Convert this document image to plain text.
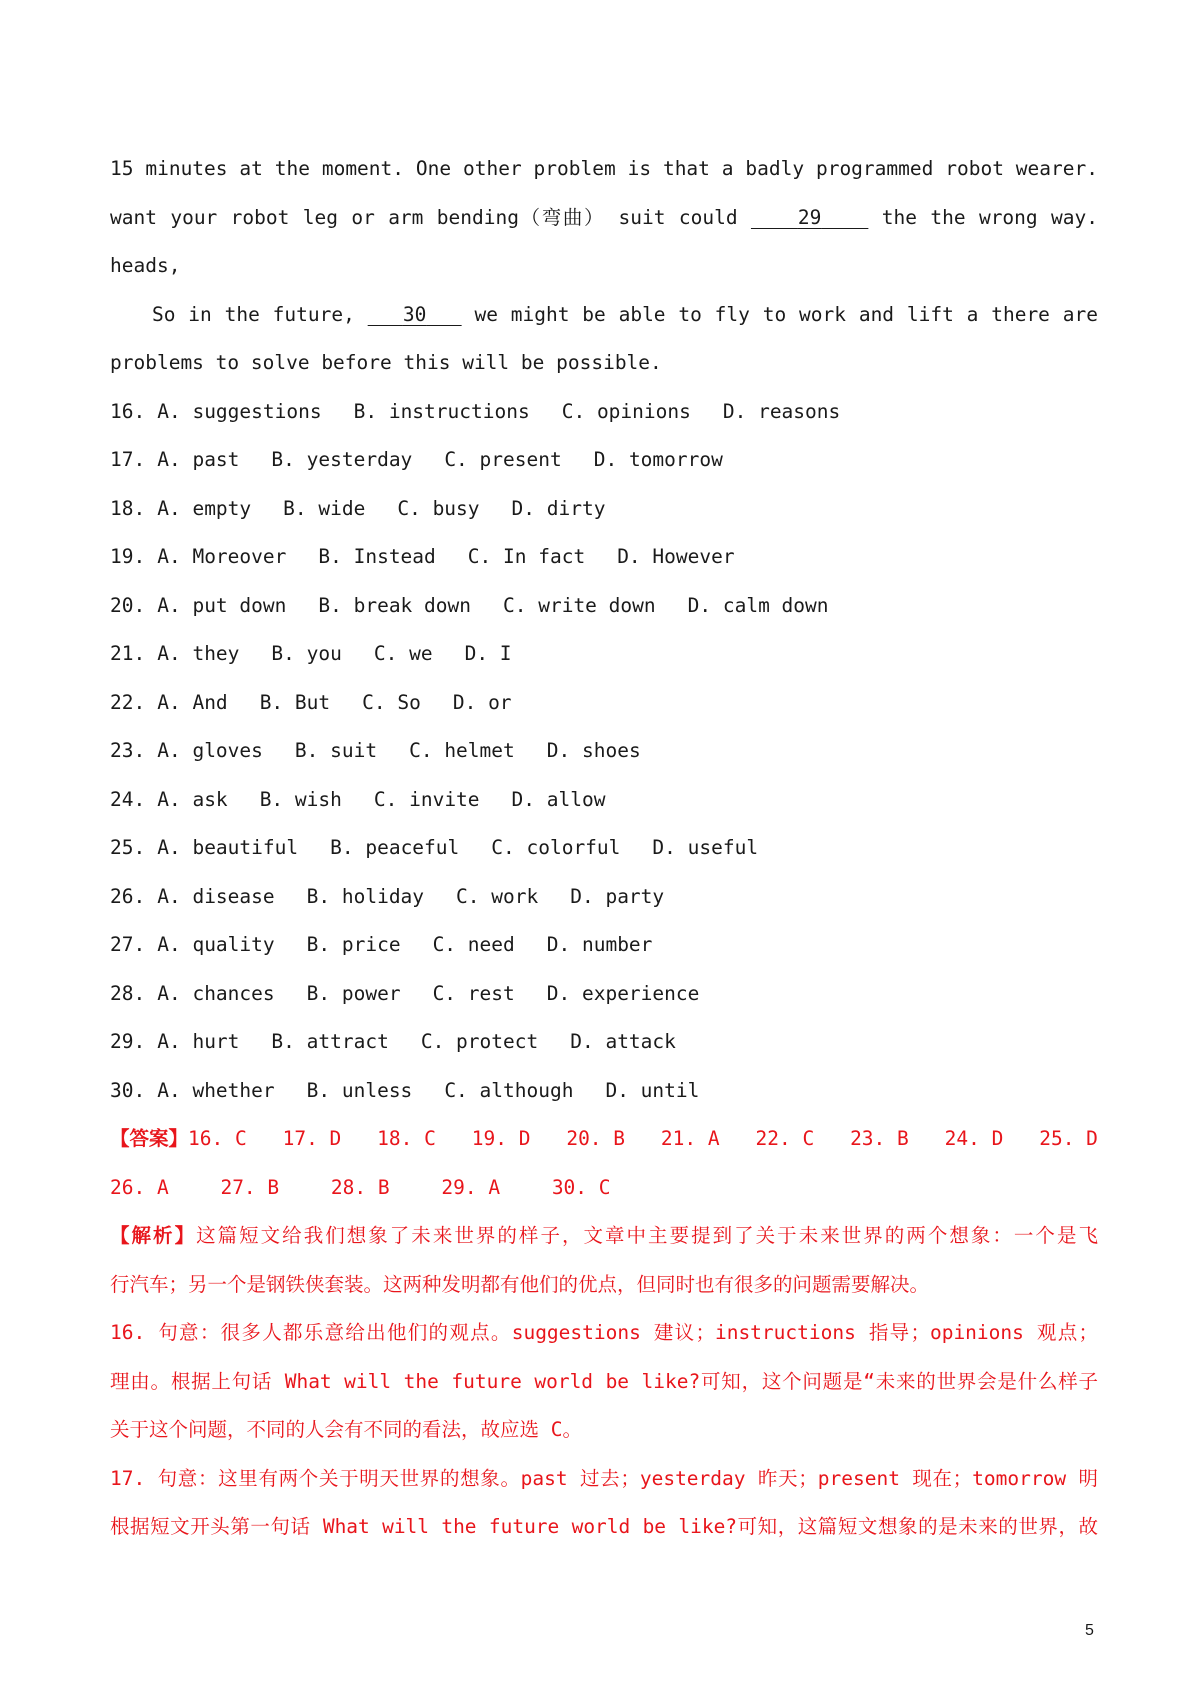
15 minutes at the moment. One other problem is that a badly programmed robot wearer.
want your robot leg or arm bending（弯曲） suit could	29	the the wrong way.
heads,
So in the future, 30 we might be able to fly to work and lift a there are
problems to solve before this will be possible.
16. A. suggestions B. instructions C. opinions D. reasons
17. A. past B. yesterday C. present D. tomorrow
18. A. empty B. wide C. busy D. dirty
19. A. Moreover B. Instead C. In fact D. However
20. A. put down B. break down C. write down D. calm down
21. A. they B. you C. we D. I
22. A. And B. But C. So D. or
23. A. gloves B. suit C. helmet D. shoes
24. A. ask B. wish C. invite D. allow
25. A. beautiful B. peaceful C. colorful D. useful
26. A. disease B. holiday C. work D. party
27. A. quality B. price C. need D. number
28. A. chances B. power C. rest D. experience
29. A. hurt B. attract C. protect D. attack
30. A. whether B. unless C. although D. until
【答案】16. C 17. D 18. C 19. D 20. B 21. A 22. C 23. B 24. D 25. D
26. A	27. B	28. B	29. A	30. C
【解析】这篇短文给我们想象了未来世界的样子，文章中主要提到了关于未来世界的两个想象：一个是飞
行汽车；另一个是钢铁侠套装。这两种发明都有他们的优点，但同时也有很多的问题需要解决。
16. 句意：很多人都乐意给出他们的观点。suggestions 建议；instructions 指导；opinions 观点；
理由。根据上句话 What will the future world be like?可知，这个问题是“未来的世界会是什么样子
关于这个问题，不同的人会有不同的看法，故应选 C。
17. 句意：这里有两个关于明天世界的想象。past 过去；yesterday 昨天；present 现在；tomorrow 明
根据短文开头第一句话 What will the future world be like?可知，这篇短文想象的是未来的世界，故
5
